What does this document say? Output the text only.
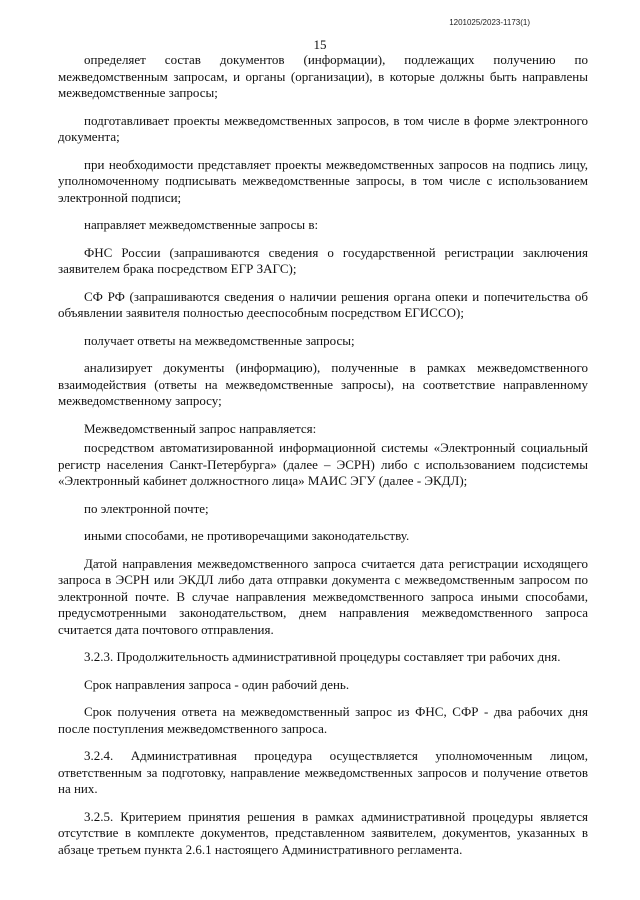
1201025/2023-1173(1)
15

определяет состав документов (информации), подлежащих получению по межведомственным запросам, и органы (организации), в которые должны быть направлены межведомственные запросы;

подготавливает проекты межведомственных запросов, в том числе в форме электронного документа;

при необходимости представляет проекты межведомственных запросов на подпись лицу, уполномоченному подписывать межведомственные запросы, в том числе с использованием электронной подписи;

направляет межведомственные запросы в:

ФНС России (запрашиваются сведения о государственной регистрации заключения заявителем брака посредством ЕГР ЗАГС);

СФ РФ (запрашиваются сведения о наличии решения органа опеки и попечительства об объявлении заявителя полностью дееспособным посредством ЕГИССО);

получает ответы на межведомственные запросы;

анализирует документы (информацию), полученные в рамках межведомственного взаимодействия (ответы на межведомственные запросы), на соответствие направленному межведомственному запросу;

Межведомственный запрос направляется:

посредством автоматизированной информационной системы «Электронный социальный регистр населения Санкт-Петербурга» (далее – ЭСРН) либо с использованием подсистемы «Электронный кабинет должностного лица» МАИС ЭГУ (далее - ЭКДЛ);

по электронной почте;

иными способами, не противоречащими законодательству.

Датой направления межведомственного запроса считается дата регистрации исходящего запроса в ЭСРН или ЭКДЛ либо дата отправки документа с межведомственным запросом по электронной почте. В случае направления межведомственного запроса иными способами, предусмотренными законодательством, днем направления межведомственного запроса считается дата почтового отправления.

3.2.3. Продолжительность административной процедуры составляет три рабочих дня.

Срок направления запроса - один рабочий день.

Срок получения ответа на межведомственный запрос из ФНС, СФР - два рабочих дня после поступления межведомственного запроса.

3.2.4. Административная процедура осуществляется уполномоченным лицом, ответственным за подготовку, направление межведомственных запросов и получение ответов на них.

3.2.5. Критерием принятия решения в рамках административной процедуры является отсутствие в комплекте документов, представленном заявителем, документов, указанных в абзаце третьем пункта 2.6.1 настоящего Административного регламента.
